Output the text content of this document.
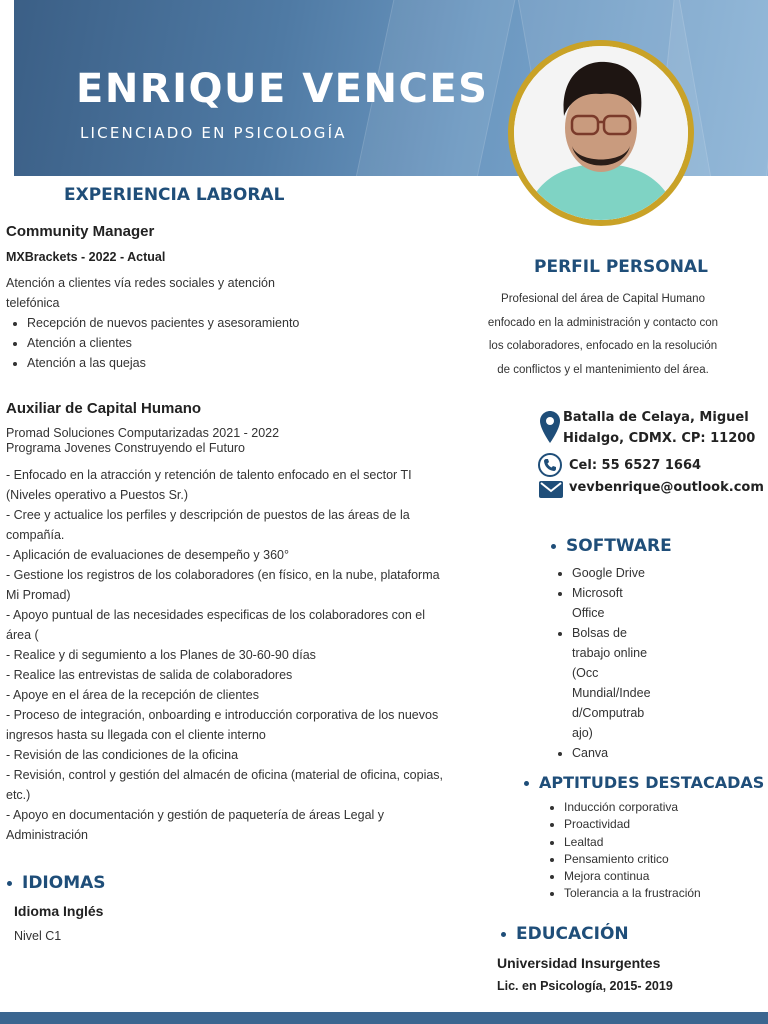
ENRIQUE VENCES
LICENCIADO EN PSICOLOGÍA
EXPERIENCIA LABORAL
Community Manager
MXBrackets - 2022 - Actual
Atención a clientes vía redes sociales y atención
telefónica
• Recepción de nuevos pacientes y asesoramiento
• Atención a clientes
• Atención a las quejas
Auxiliar de Capital Humano
Promad Soluciones Computarizadas 2021 - 2022
Programa Jovenes Construyendo el Futuro
- Enfocado en la atracción y retención de talento enfocado en el sector TI
(Niveles operativo a Puestos Sr.)
- Cree y actualice los perfiles y descripción de puestos de las áreas de la
compañía.
- Aplicación de evaluaciones de desempeño y 360°
- Gestione los registros de los colaboradores (en físico, en la nube, plataforma
Mi Promad)
- Apoyo puntual de las necesidades especificas de los colaboradores con el
área (
- Realice y di segumiento a los Planes de 30-60-90 días
- Realice las entrevistas de salida de colaboradores
- Apoye en el área de la recepción de clientes
- Proceso de integración, onboarding e introducción corporativa de los nuevos
ingresos hasta su llegada con el cliente interno
- Revisión de las condiciones de la oficina
- Revisión, control y gestión del almacén de oficina (material de oficina, copias,
etc.)
- Apoyo en documentación y gestión de paquetería de áreas Legal y
Administración
IDIOMAS
Idioma Inglés
Nivel C1
PERFIL PERSONAL
Profesional del área de Capital Humano
enfocado en la administración y contacto con
los colaboradores, enfocado en la resolución
de conflictos y el mantenimiento del área.
Batalla de Celaya, Miguel
Hidalgo, CDMX. CP: 11200
Cel: 55 6527 1664
vevbenrique@outlook.com
SOFTWARE
• Google Drive
• Microsoft
Office
• Bolsas de
trabajo online
(Occ
Mundial/Indee
d/Computrab
ajo)
• Canva
APTITUDES DESTACADAS
• Inducción corporativa
• Proactividad
• Lealtad
• Pensamiento critico
• Mejora continua
• Tolerancia a la frustración
EDUCACIÓN
Universidad Insurgentes
Lic. en Psicología, 2015- 2019
